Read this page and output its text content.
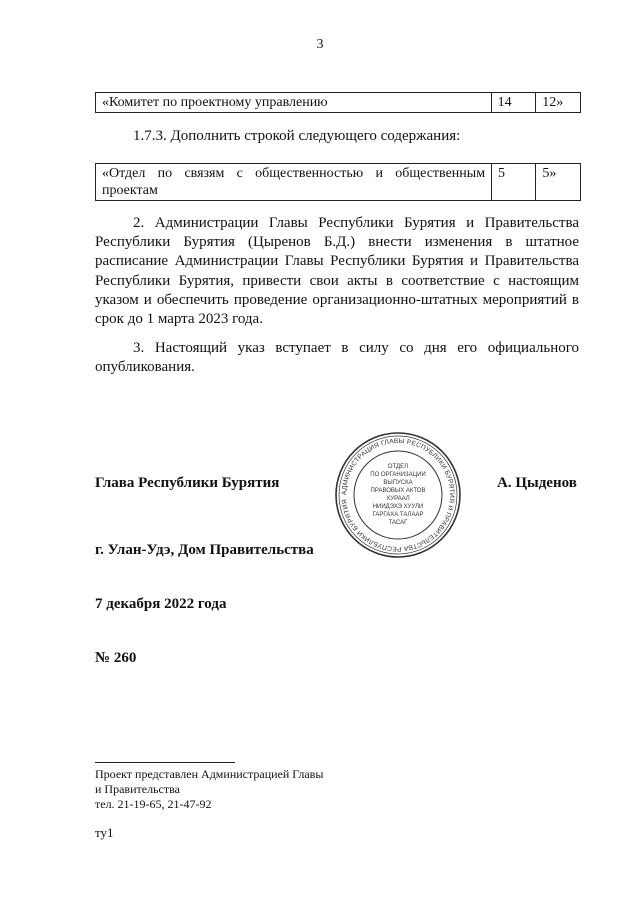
3
«Комитет по проектному управлению	14	12»

1.7.3. Дополнить строкой следующего содержания:

«Отдел по связям с общественностью и общественным проектам	5	5»

2. Администрации Главы Республики Бурятия и Правительства Республики Бурятия (Цыренов Б.Д.) внести изменения в штатное расписание Администрации Главы Республики Бурятия и Правительства Республики Бурятия, привести свои акты в соответствие с настоящим указом и обеспечить проведение организационно-штатных мероприятий в срок до 1 марта 2023 года.

3. Настоящий указ вступает в силу со дня его официального опубликования.

Глава Республики Бурятия	А. Цыденов

АДМИНИСТРАЦИЯ ГЛАВЫ РЕСПУБЛИКИ БУРЯТИЯ И ПРАВИТЕЛЬСТВА РЕСПУБЛИКИ БУРЯТИЯ
ОТДЕЛ
ПО ОРГАНИЗАЦИИ
ВЫПУСКА
ПРАВОВЫХ АКТОВ
ХУРААЛ
НИИДЭХЭ ХУУЛИ
ГАРГАХА ТАЛААР
ТАСАГ

г. Улан-Удэ, Дом Правительства

7 декабря 2022 года

№ 260

Проект представлен Администрацией Главы

и Правительства

тел. 21-19-65, 21-47-92

ту1
